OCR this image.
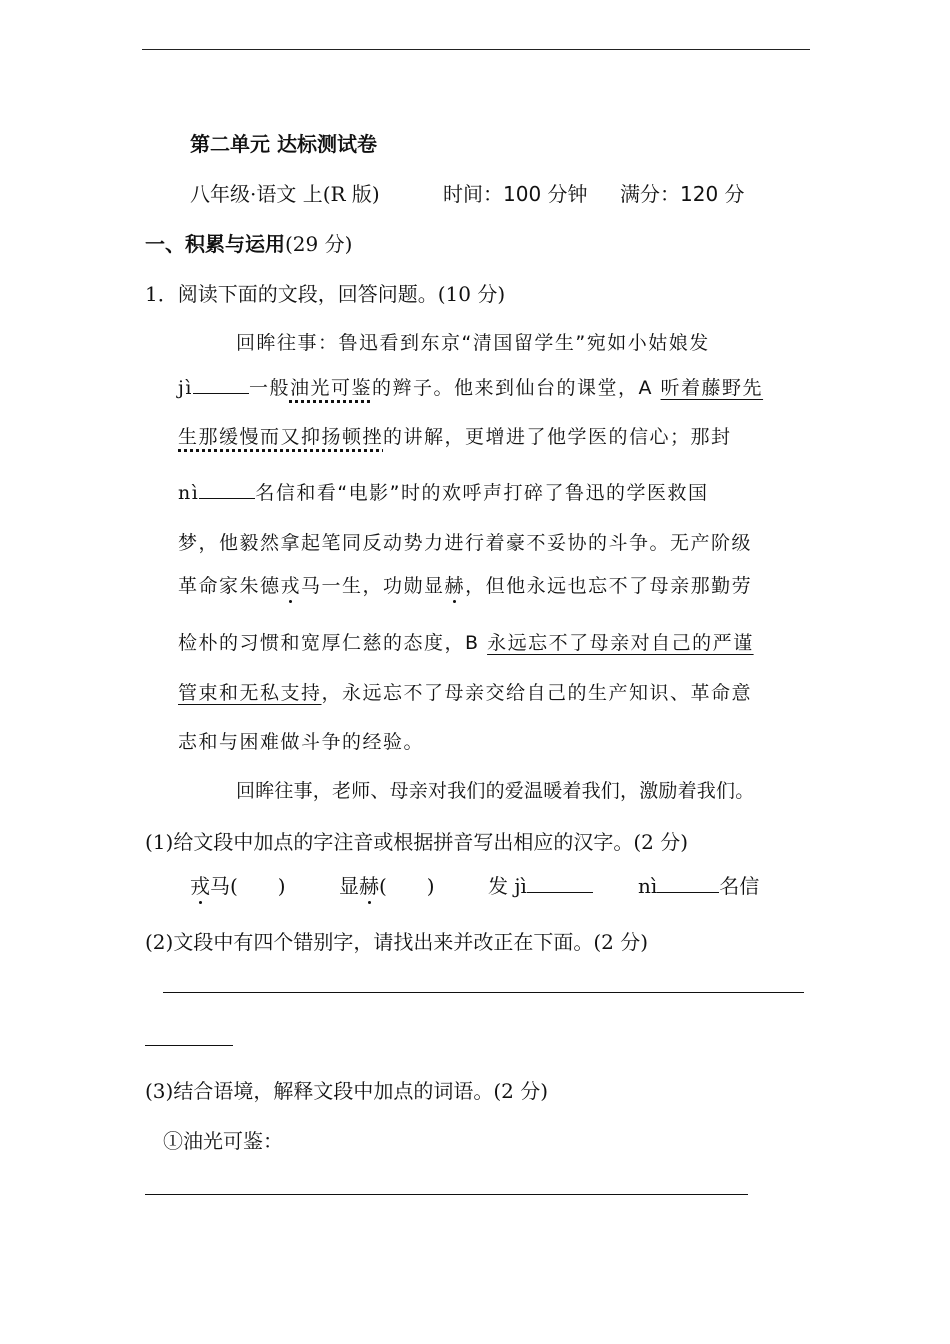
第二单元 达标测试卷
八年级·语文 上(R 版)	时间：100 分钟 满分：120 分
一、积累与运用(29 分)
1．阅读下面的文段，回答问题。(10 分)
回眸往事：鲁迅看到东京“清国留学生”宛如小姑娘发
jì	一般油光可鉴的辫子。他来到仙台的课堂，A 听着藤野先
生那缓慢而又抑扬顿挫的讲解，更增进了他学医的信心；那封
nì	名信和看“电影”时的欢呼声打碎了鲁迅的学医救国
梦，他毅然拿起笔同反动势力进行着豪不妥协的斗争。无产阶级
革命家朱德戎马一生，功勋显赫，但他永远也忘不了母亲那勤劳
检朴的习惯和宽厚仁慈的态度，B 永远忘不了母亲对自己的严谨
管束和无私支持，永远忘不了母亲交给自己的生产知识、革命意
志和与困难做斗争的经验。
回眸往事，老师、母亲对我们的爱温暖着我们，激励着我们。
(1)给文段中加点的字注音或根据拼音写出相应的汉字。(2 分)
戎马(　　)	显赫(　　)	发 jì	nì	名信
(2)文段中有四个错别字，请找出来并改正在下面。(2 分)
(3)结合语境，解释文段中加点的词语。(2 分)
①油光可鉴：
